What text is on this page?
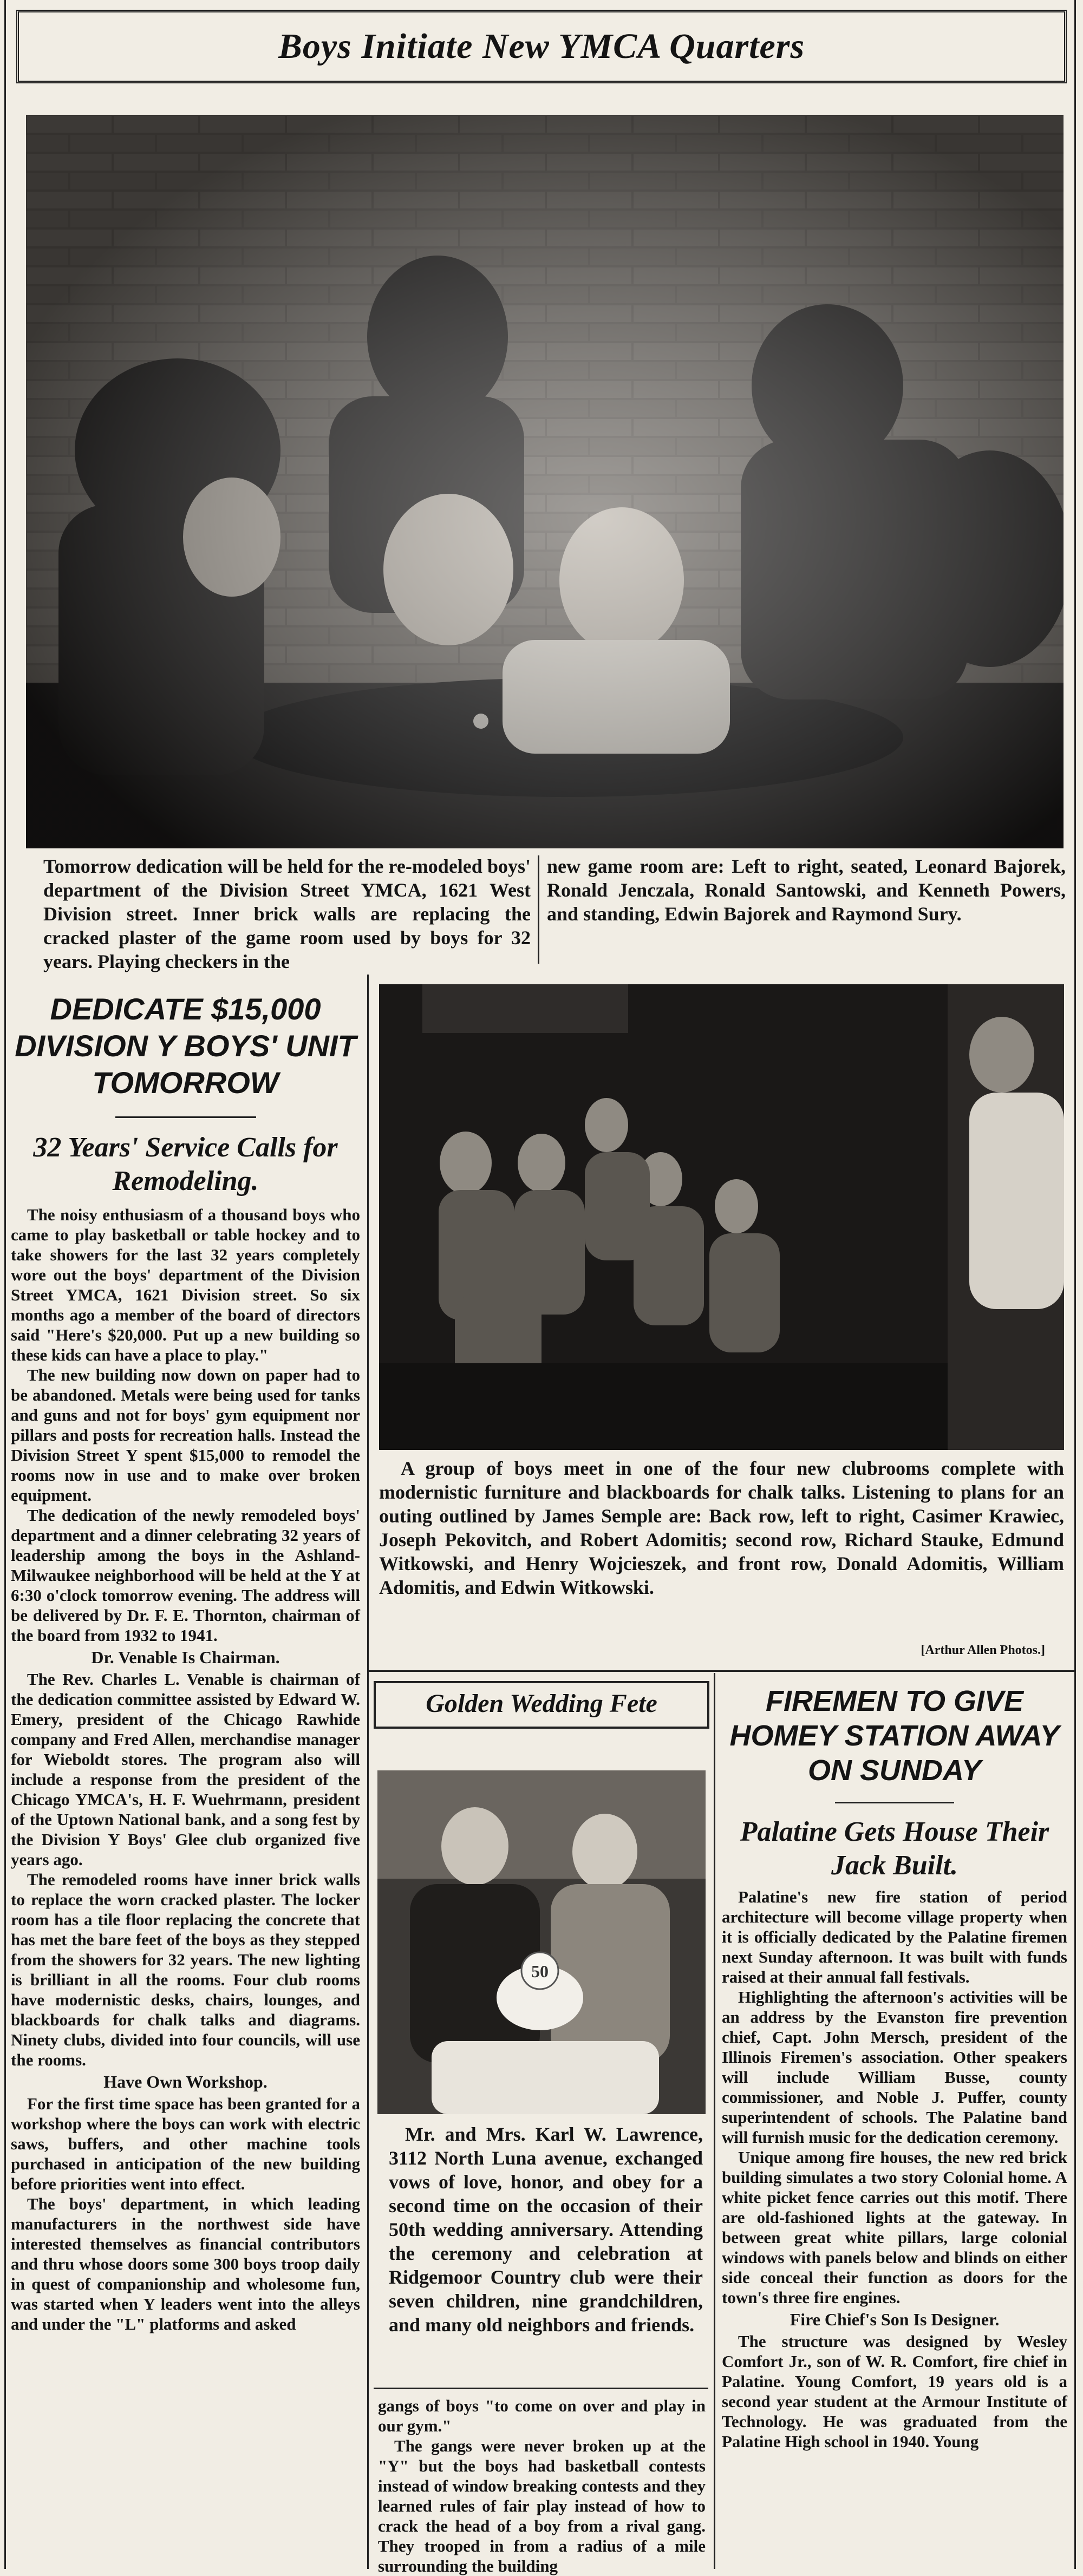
Boys Initiate New YMCA Quarters
Tomorrow dedication will be held for the re-modeled boys' department of the Division Street YMCA, 1621 West Division street. Inner brick walls are replacing the cracked plaster of the game room used by boys for 32 years. Playing checkers in the
new game room are: Left to right, seated, Leonard Bajorek, Ronald Jenczala, Ronald Santowski, and Kenneth Powers, and standing, Edwin Bajorek and Raymond Sury.
DEDICATE $15,000 DIVISION Y BOYS' UNIT TOMORROW
32 Years' Service Calls for Remodeling.

The noisy enthusiasm of a thousand boys who came to play basketball or table hockey and to take showers for the last 32 years completely wore out the boys' department of the Division Street YMCA, 1621 Division street. So six months ago a member of the board of directors said "Here's $20,000. Put up a new building so these kids can have a place to play."

The new building now down on paper had to be abandoned. Metals were being used for tanks and guns and not for boys' gym equipment nor pillars and posts for recreation halls. Instead the Division Street Y spent $15,000 to remodel the rooms now in use and to make over broken equipment.

The dedication of the newly remodeled boys' department and a dinner celebrating 32 years of leadership among the boys in the Ashland-Milwaukee neighborhood will be held at the Y at 6:30 o'clock tomorrow evening. The address will be delivered by Dr. F. E. Thornton, chairman of the board from 1932 to 1941.

Dr. Venable Is Chairman.

The Rev. Charles L. Venable is chairman of the dedication committee assisted by Edward W. Emery, president of the Chicago Rawhide company and Fred Allen, merchandise manager for Wieboldt stores. The program also will include a response from the president of the Chicago YMCA's, H. F. Wuehrmann, president of the Uptown National bank, and a song fest by the Division Y Boys' Glee club organized five years ago.

The remodeled rooms have inner brick walls to replace the worn cracked plaster. The locker room has a tile floor replacing the concrete that has met the bare feet of the boys as they stepped from the showers for 32 years. The new lighting is brilliant in all the rooms. Four club rooms have modernistic desks, chairs, lounges, and blackboards for chalk talks and diagrams. Ninety clubs, divided into four councils, will use the rooms.

Have Own Workshop.

For the first time space has been granted for a workshop where the boys can work with electric saws, buffers, and other machine tools purchased in anticipation of the new building before priorities went into effect.

The boys' department, in which leading manufacturers in the northwest side have interested themselves as financial contributors and thru whose doors some 300 boys troop daily in quest of companionship and wholesome fun, was started when Y leaders went into the alleys and under the "L" platforms and asked

A group of boys meet in one of the four new clubrooms complete with modernistic furniture and blackboards for chalk talks. Listening to plans for an outing outlined by James Semple are: Back row, left to right, Casimer Krawiec, Joseph Pekovitch, and Robert Adomitis; second row, Richard Stauke, Edmund Witkowski, and Henry Wojcieszek, and front row, Donald Adomitis, William Adomitis, and Edwin Witkowski.
[Arthur Allen Photos.]
Golden Wedding Fete
50
Mr. and Mrs. Karl W. Lawrence, 3112 North Luna avenue, exchanged vows of love, honor, and obey for a second time on the occasion of their 50th wedding anniversary. Attending the ceremony and celebration at Ridgemoor Country club were their seven children, nine grandchildren, and many old neighbors and friends.

gangs of boys "to come on over and play in our gym."

The gangs were never broken up at the "Y" but the boys had basketball contests instead of window breaking contests and they learned rules of fair play instead of how to crack the head of a boy from a rival gang. They trooped in from a radius of a mile surrounding the building

FIREMEN TO GIVE HOMEY STATION AWAY ON SUNDAY
Palatine Gets House Their Jack Built.

Palatine's new fire station of period architecture will become village property when it is officially dedicated by the Palatine firemen next Sunday afternoon. It was built with funds raised at their annual fall festivals.

Highlighting the afternoon's activities will be an address by the Evanston fire prevention chief, Capt. John Mersch, president of the Illinois Firemen's association. Other speakers will include William Busse, county commissioner, and Noble J. Puffer, county superintendent of schools. The Palatine band will furnish music for the dedication ceremony.

Unique among fire houses, the new red brick building simulates a two story Colonial home. A white picket fence carries out this motif. There are old-fashioned lights at the gateway. In between great white pillars, large colonial windows with panels below and blinds on either side conceal their function as doors for the town's three fire engines.

Fire Chief's Son Is Designer.

The structure was designed by Wesley Comfort Jr., son of W. R. Comfort, fire chief in Palatine. Young Comfort, 19 years old is a second year student at the Armour Institute of Technology. He was graduated from the Palatine High school in 1940. Young
